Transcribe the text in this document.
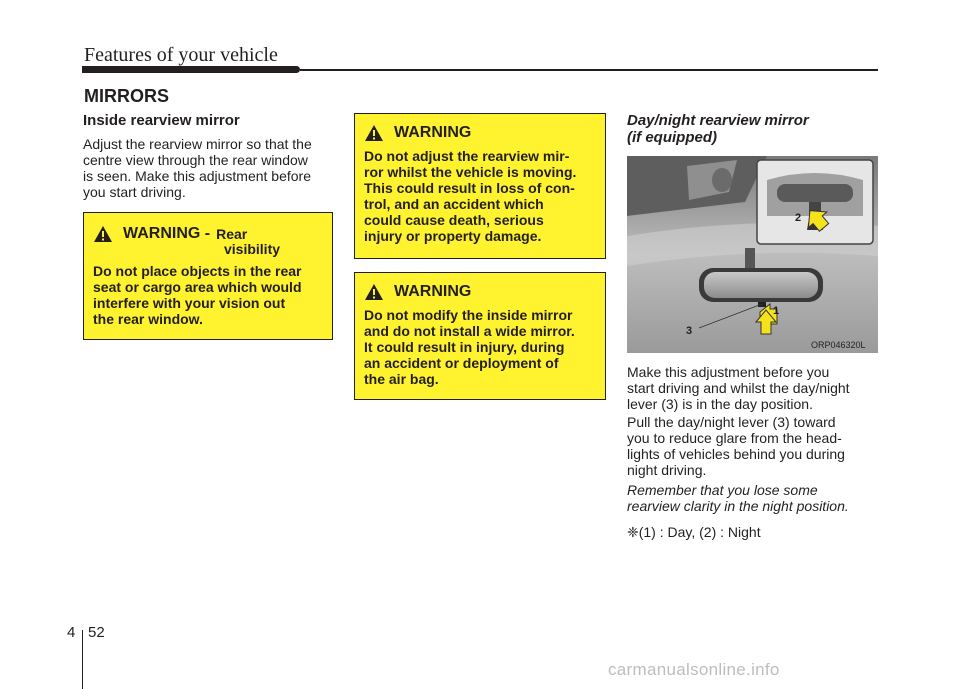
Features of your vehicle
MIRRORS
Inside rearview mirror
Adjust the rearview mirror so that the
centre view through the rear window
is seen. Make this adjustment before
you start driving.
WARNING - Rear
visibility
Do not place objects in the rear
seat or cargo area which would
interfere with your vision out
the rear window.
WARNING
Do not adjust the rearview mir-
ror whilst the vehicle is moving.
This could result in loss of con-
trol, and an accident which
could cause death, serious
injury or property damage.
WARNING
Do not modify the inside mirror
and do not install a wide mirror.
It could result in injury, during
an accident or deployment of
the air bag.
Day/night rearview mirror
(if equipped)
2
1
3
ORP046320L
Make this adjustment before you
start driving and whilst the day/night
lever (3) is in the day position.
Pull the day/night lever (3) toward
you to reduce glare from the head-
lights of vehicles behind you during
night driving.
Remember that you lose some
rearview clarity in the night position.
❈(1) : Day, (2) : Night
4 52
carmanualsonline.info
